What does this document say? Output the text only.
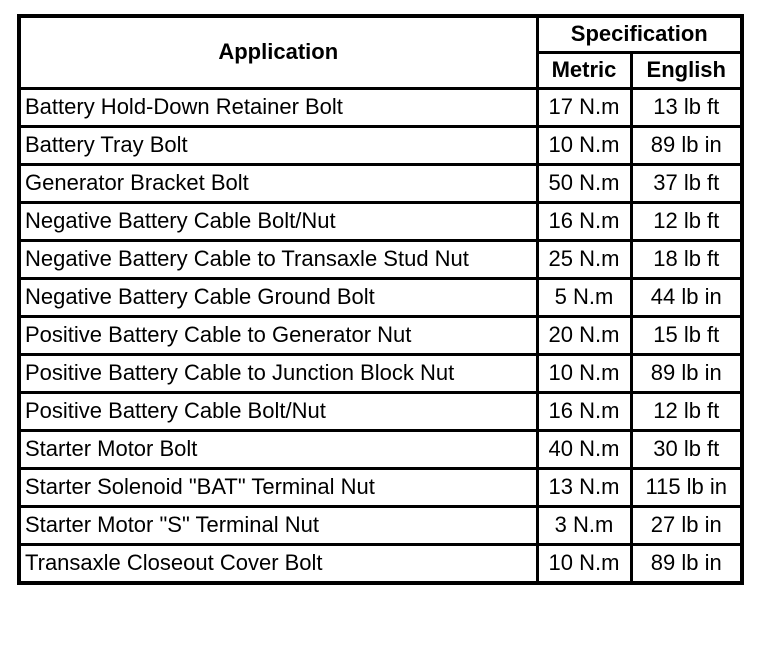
Application	Specification	
	Metric	English
Battery Hold-Down Retainer Bolt	17 N.m	13 lb ft
Battery Tray Bolt	10 N.m	89 lb in
Generator Bracket Bolt	50 N.m	37 lb ft
Negative Battery Cable Bolt/Nut	16 N.m	12 lb ft
Negative Battery Cable to Transaxle Stud Nut	25 N.m	18 lb ft
Negative Battery Cable Ground Bolt	5 N.m	44 lb in
Positive Battery Cable to Generator Nut	20 N.m	15 lb ft
Positive Battery Cable to Junction Block Nut	10 N.m	89 lb in
Positive Battery Cable Bolt/Nut	16 N.m	12 lb ft
Starter Motor Bolt	40 N.m	30 lb ft
Starter Solenoid "BAT" Terminal Nut	13 N.m	115 lb in
Starter Motor "S" Terminal Nut	3 N.m	27 lb in
Transaxle Closeout Cover Bolt	10 N.m	89 lb in
